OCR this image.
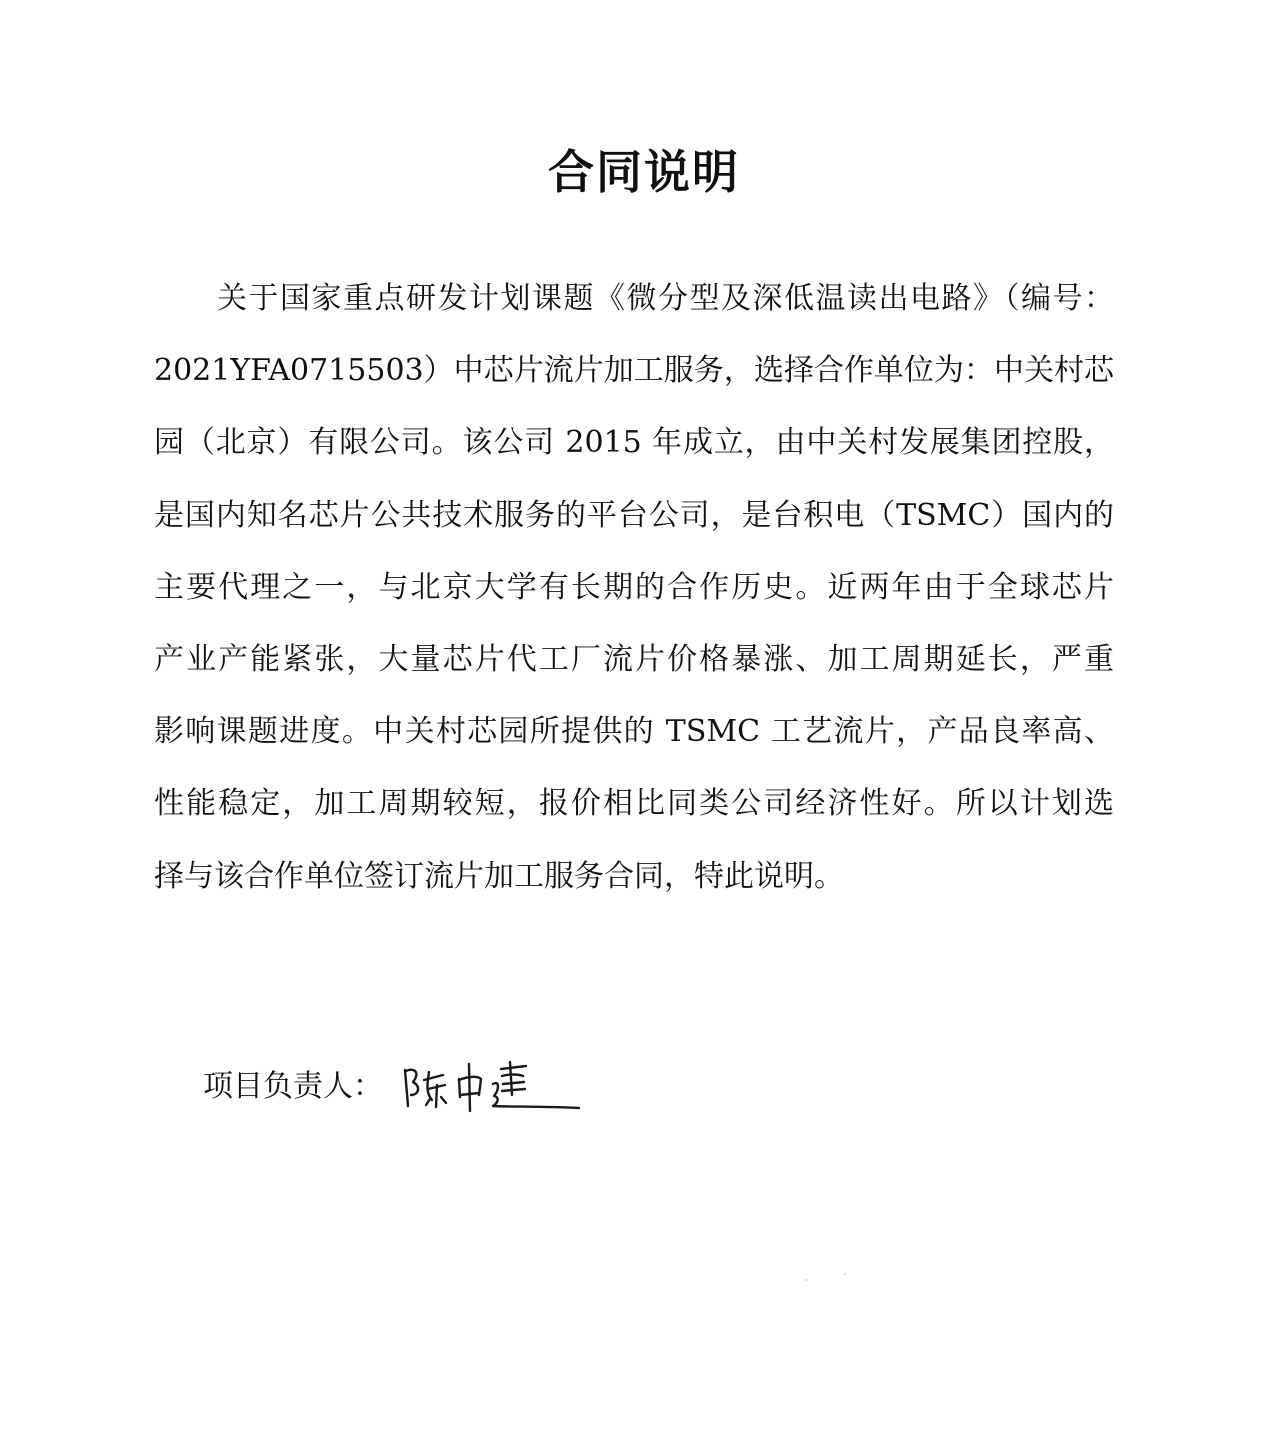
合同说明
　　关于国家重点研发计划课题《微分型及深低温读出电路》（编号：
2021YFA0715503）中芯片流片加工服务，选择合作单位为：中关村芯
园（北京）有限公司。该公司 2015 年成立，由中关村发展集团控股，
是国内知名芯片公共技术服务的平台公司，是台积电（TSMC）国内的
主要代理之一，与北京大学有长期的合作历史。近两年由于全球芯片
产业产能紧张，大量芯片代工厂流片价格暴涨、加工周期延长，严重
影响课题进度。中关村芯园所提供的 TSMC 工艺流片，产品良率高、
性能稳定，加工周期较短，报价相比同类公司经济性好。所以计划选
择与该合作单位签订流片加工服务合同，特此说明。
项目负责人：
